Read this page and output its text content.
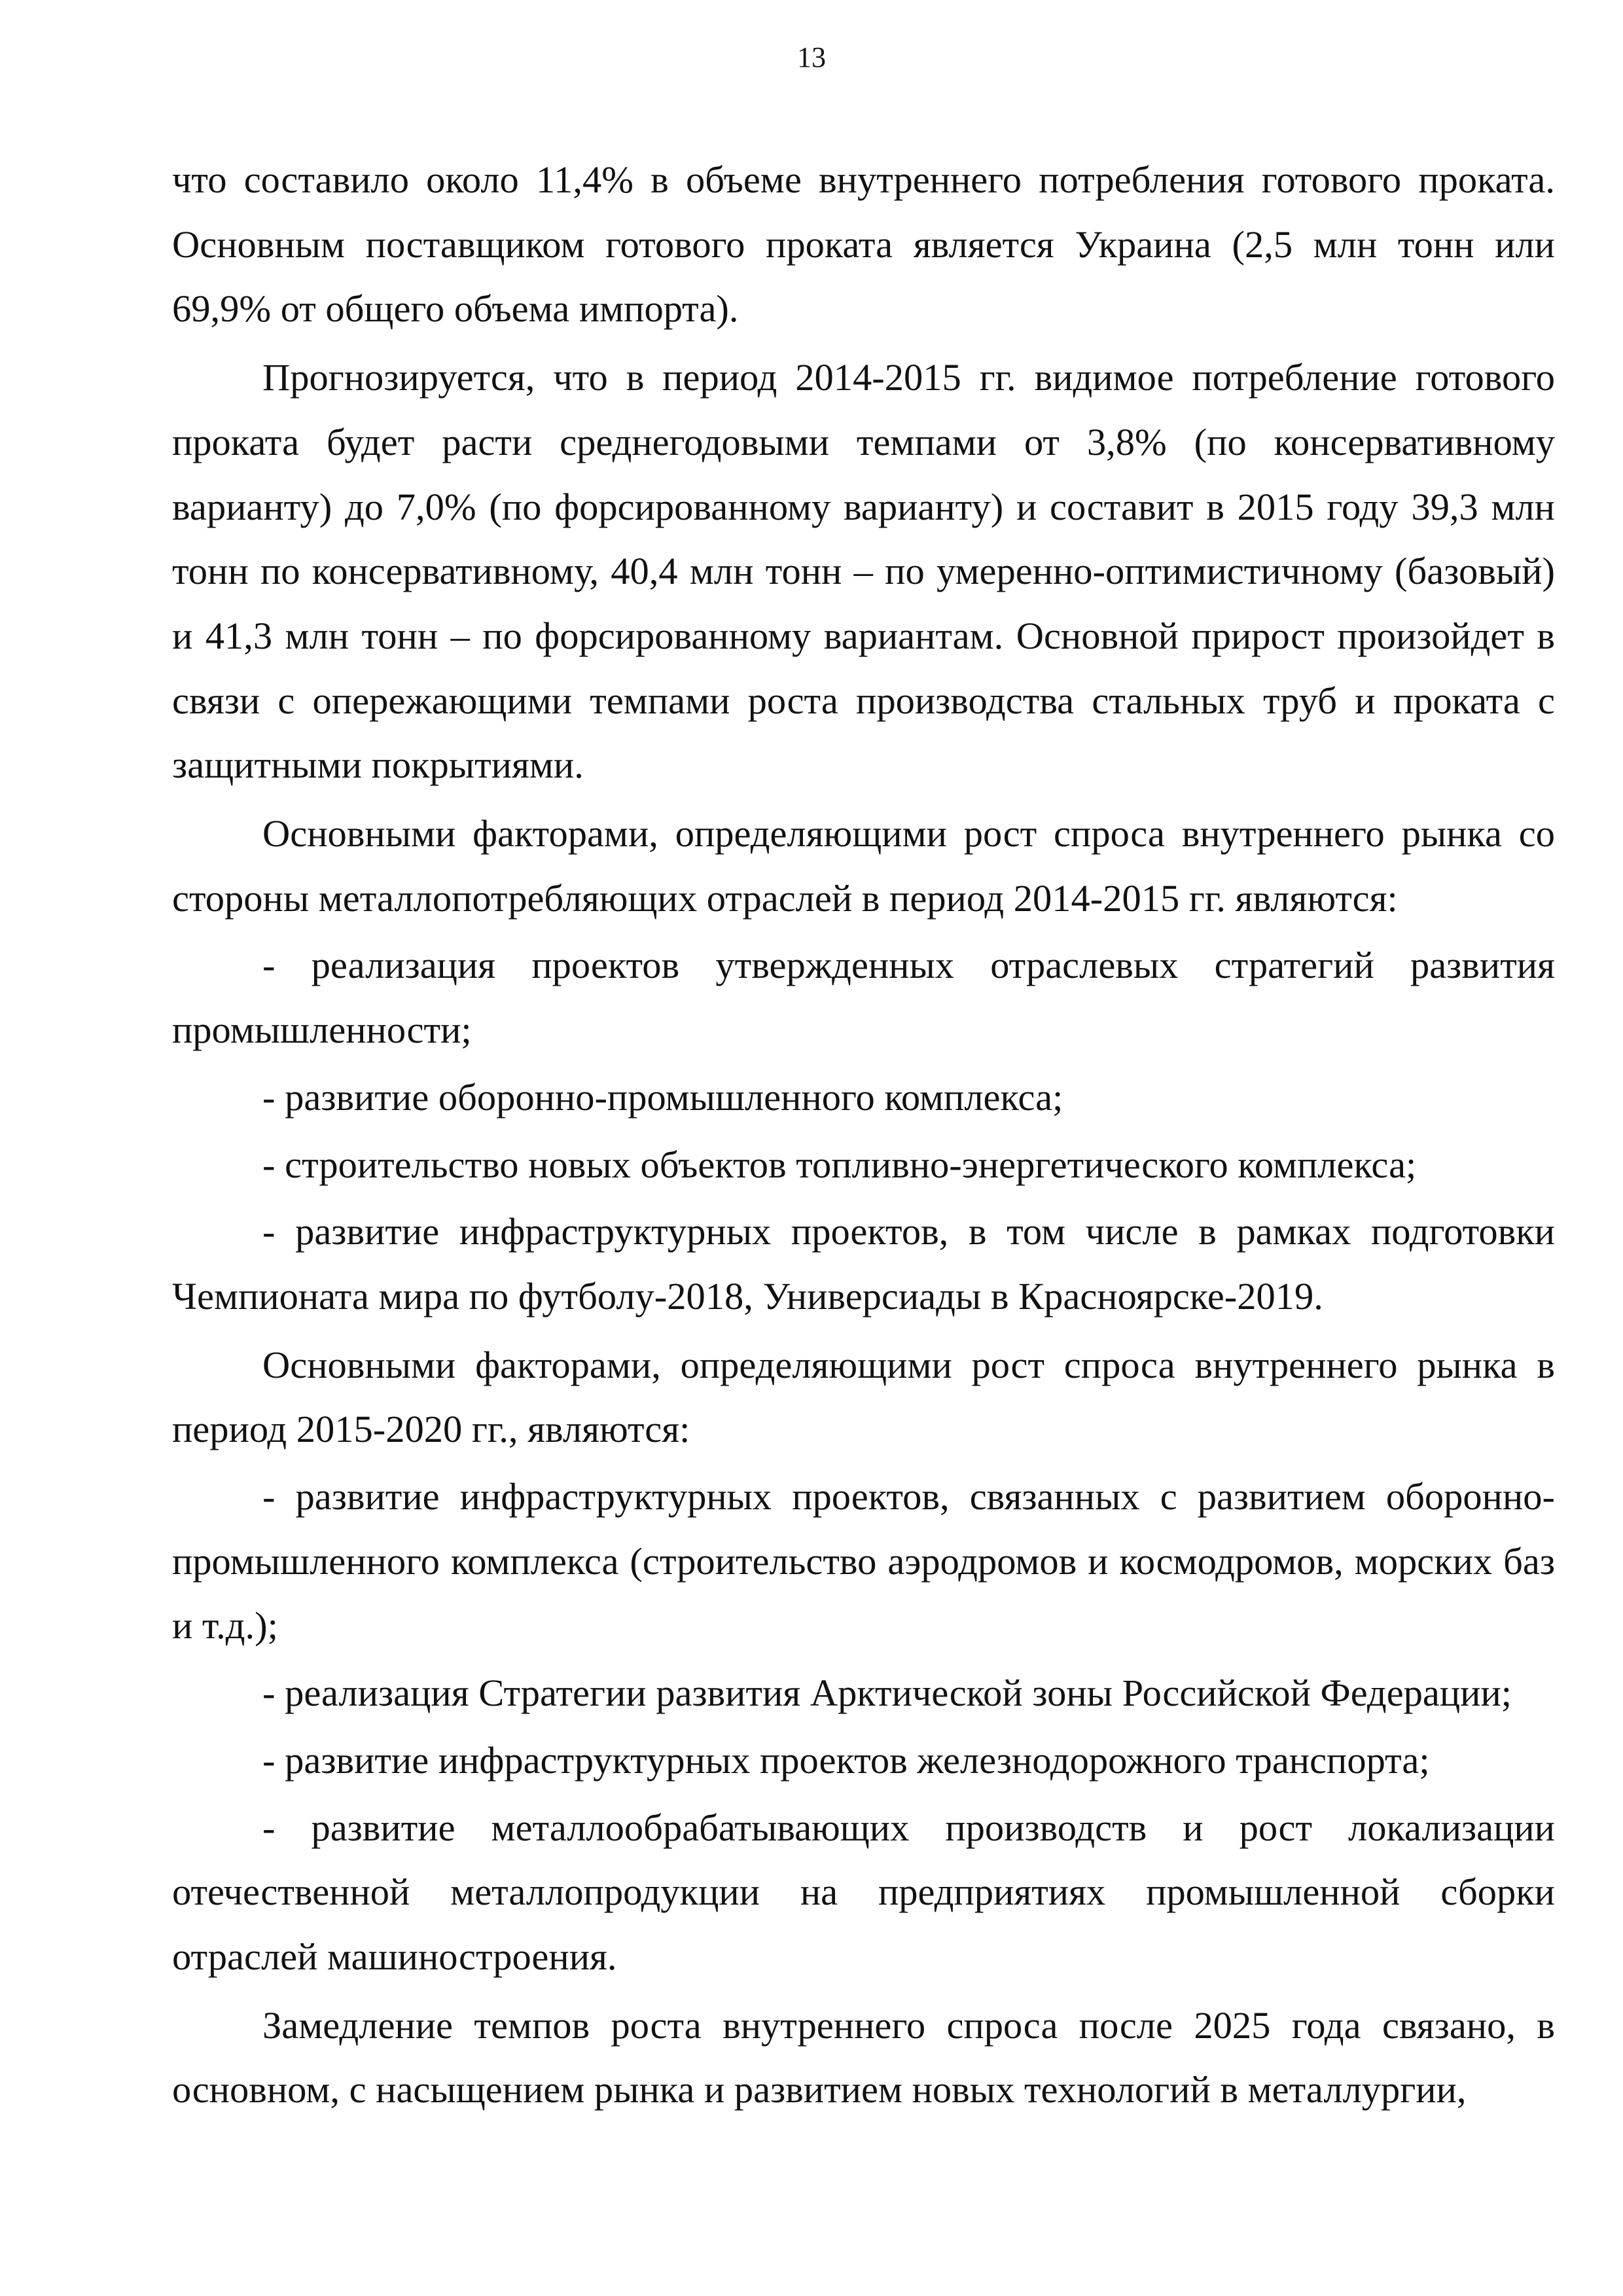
13

что составило около 11,4% в объеме внутреннего потребления готового проката. Основным поставщиком готового проката является Украина (2,5 млн тонн или 69,9% от общего объема импорта).

Прогнозируется, что в период 2014-2015 гг. видимое потребление готового проката будет расти среднегодовыми темпами от 3,8% (по консервативному варианту) до 7,0% (по форсированному варианту) и составит в 2015 году 39,3 млн тонн по консервативному, 40,4 млн тонн – по умеренно-оптимистичному (базовый) и 41,3 млн тонн – по форсированному вариантам. Основной прирост произойдет в связи с опережающими темпами роста производства стальных труб и проката с защитными покрытиями.

Основными факторами, определяющими рост спроса внутреннего рынка со стороны металлопотребляющих отраслей в период 2014-2015 гг. являются:

- реализация проектов утвержденных отраслевых стратегий развития промышленности;

- развитие оборонно-промышленного комплекса;

- строительство новых объектов топливно-энергетического комплекса;

- развитие инфраструктурных проектов, в том числе в рамках подготовки Чемпионата мира по футболу-2018, Универсиады в Красноярске-2019.

Основными факторами, определяющими рост спроса внутреннего рынка в период 2015-2020 гг., являются:

- развитие инфраструктурных проектов, связанных с развитием оборонно-промышленного комплекса (строительство аэродромов и космодромов, морских баз и т.д.);

- реализация Стратегии развития Арктической зоны Российской Федерации;

- развитие инфраструктурных проектов железнодорожного транспорта;

- развитие металлообрабатывающих производств и рост локализации отечественной металлопродукции на предприятиях промышленной сборки отраслей машиностроения.

Замедление темпов роста внутреннего спроса после 2025 года связано, в основном, с насыщением рынка и развитием новых технологий в металлургии,
